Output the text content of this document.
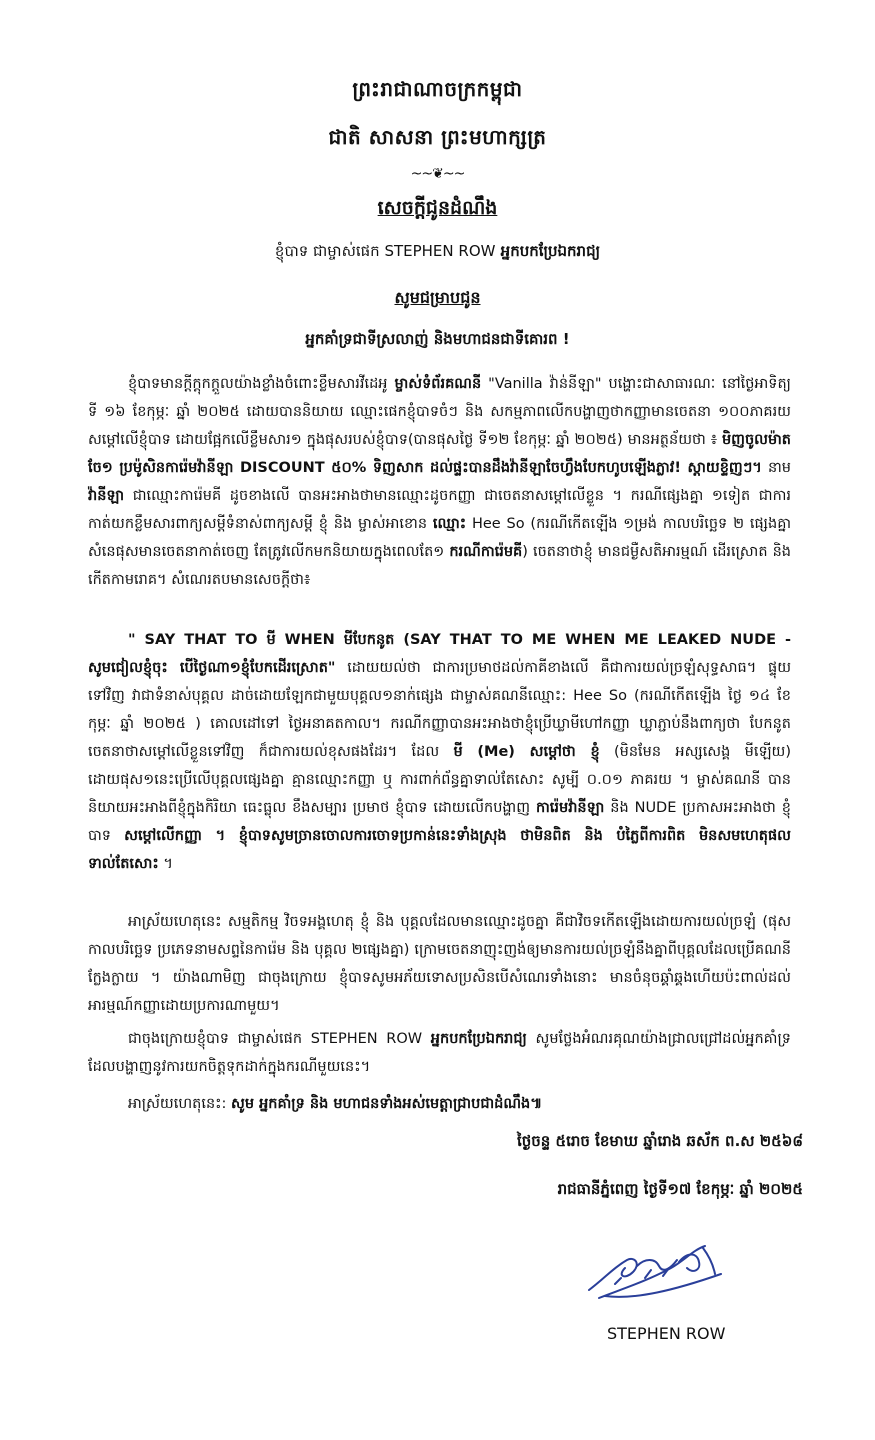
ព្រះរាជាណាចក្រកម្ពុជា
ជាតិ សាសនា ព្រះមហាក្សត្រ
~~❦~~
សេចក្តីជូនដំណឹង
ខ្ញុំបាទ ជាម្ចាស់ផេក STEPHEN ROW អ្នកបកប្រែឯករាជ្យ
សូមជម្រាបជូន
អ្នកគាំទ្រជាទីស្រលាញ់ និងមហាជនជាទីគោរព !

ខ្ញុំបាទមានក្តីក្តុកក្តួលយ៉ាងខ្លាំងចំពោះខ្លឹមសារវីដេអូ ម្ចាស់ទំព័រគណនី "Vanilla វ៉ាន់នីឡា" បង្ហោះជាសាធារណៈ នៅថ្ងៃអាទិត្យ ទី ១៦ ខែកុម្ភៈ ឆ្នាំ ២០២៥ ដោយបាននិយាយ ឈ្មោះផេកខ្ញុំបាទចំៗ និង សកម្មភាពលើកបង្ហាញថាកញ្ញាមានចេតនា ១០០ភាគរយ សម្តៅលើខ្ញុំបាទ ដោយផ្អែកលើខ្លឹមសារ១ ក្នុងផុសរបស់ខ្ញុំបាទ(បានផុសថ្ងៃ ទី១២ ខែកុម្ភៈ ឆ្នាំ ២០២៥) មានអត្ថន័យថា ៖ មិញចូលម៉ាត ចែ១ ប្រម៉ូសិនការ៉េមវ៉ានីឡា DISCOUNT ៥០% ទិញសាក ដល់ផ្ទះបានដឹងវ៉ានីឡាចែហ្វឹងបែកហូបឡើងភ្លាវ! ស្តាយខ្ទិញៗ។ នាម វ៉ានីឡា ជាឈ្មោះការ៉េមគី ដូចខាងលើ បានអះអាងថាមានឈ្មោះដូចកញ្ញា ជាចេតនាសម្តៅលើខ្លួន ។ ករណីផ្សេងគ្នា ១ទៀត ជាការកាត់យកខ្លឹមសារពាក្យសម្តីទំនាស់ពាក្យសម្តី ខ្ញុំ និង ម្ចាស់អាខោន ឈ្មោះ Hee So (ករណីកើតឡើង ១ម្រង់ កាលបរិច្ឆេទ ២ ផ្សេងគ្នា សំនេផុសមានចេតនាកាត់ចេញ តែត្រូវលើកមកនិយាយក្នុងពេលតែ១ ករណីការ៉េមគី) ចេតនាថាខ្ញុំ មានជម្ងឺសតិអារម្មណ៍ ដើរស្រោត និង កើតកាមរោគ។ សំណេរតបមានសេចក្តីថា៖

" SAY THAT TO មី WHEN មីបែកនូត (SAY THAT TO ME WHEN ME LEAKED NUDE - សូមជៀលខ្ញុំចុះ បើថ្ងៃណា១ខ្ញុំបែកដើរស្រោត" ដោយយល់ថា ជាការប្រមាថដល់កាគីខាងលើ គឺជាការយល់ច្រឡំសុទ្ធសាធ។ ផ្ទុយទៅវិញ វាជាទំនាស់បុគ្គល ដាច់ដោយឡែកជាមួយបុគ្គល១នាក់ផ្សេង ជាម្ចាស់គណនីឈ្មោះ: Hee So (ករណីកើតឡើង ថ្ងៃ ១៤ ខែកុម្ភៈ ឆ្នាំ ២០២៥ ) គោលដៅទៅ ថ្ងៃអនាគតកាល។ ករណីកញ្ញាបានអះអាងថាខ្ញុំប្រើឃ្លាមីហៅកញ្ញា ឃ្លាភ្ជាប់នឹងពាក្យថា បែកនូត ចេតនាថាសម្តៅលើខ្លួនទៅវិញ ក៏ជាការយល់ខុសផងដែរ។ ដែល មី (Me) សម្តៅថា ខ្ញុំ (មិនមែន អស្សសេង្គ មីឡើយ) ដោយផុស១នេះប្រើលើបុគ្គលផ្សេងគ្នា គ្មានឈ្មោះកញ្ញា ឬ ការពាក់ព័ន្ធគ្នាទាល់តែសោះ សូម្បី ០.០១ ភាគរយ ។ ម្ចាស់គណនី បាននិយាយអះអាងពីខ្ញុំក្នុងកិរិយា ធេះធ្លុល ខឹងសម្បារ ប្រមាថ ខ្ញុំបាទ ដោយលើកបង្ហាញ ការ៉េមវ៉ានីឡា និង NUDE ប្រកាសអះអាងថា ខ្ញុំបាទ សម្តៅលើកញ្ញា ។ ខ្ញុំបាទសូមច្រានចោលការចោទប្រកាន់នេះទាំងស្រុង ថាមិនពិត និង បំភ្លៃពីការពិត មិនសមហេតុផល ទាល់តែសោះ ។

អាស្រ័យហេតុនេះ សម្មតិកម្ម វិចទអង្គហេតុ ខ្ញុំ និង បុគ្គលដែលមានឈ្មោះដូចគ្នា គឺជាវិចទកើតឡើងដោយការយល់ច្រឡំ (ផុស កាលបរិច្ឆេទ ប្រភេទនាមសព្ទនៃការ៉េម និង បុគ្គល ២ផ្សេងគ្នា) ក្រោមចេតនាញុះញង់ឲ្យមានការយល់ច្រឡំនឹងគ្នាពីបុគ្គលដែលប្រើគណនីក្លែងក្លាយ ។ យ៉ាងណាមិញ ជាចុងក្រោយ ខ្ញុំបាទសូមអភ័យទោសប្រសិនបើសំណេរទាំងនោះ មានចំនុចឆ្គាំឆ្គងហើយប៉ះពាល់ដល់អារម្មណ៍កញ្ញាដោយប្រការណាមួយ។

ជាចុងក្រោយខ្ញុំបាទ ជាម្ចាស់ផេក STEPHEN ROW អ្នកបកប្រែឯករាជ្យ សូមថ្លែងអំណរគុណយ៉ាងជ្រាលជ្រៅដល់អ្នកគាំទ្រ ដែលបង្ហាញនូវការយកចិត្តទុកដាក់ក្នុងករណីមួយនេះ។

អាស្រ័យហេតុនេះ: សូម អ្នកគាំទ្រ និង មហាជនទាំងអស់មេត្តាជ្រាបជាដំណឹង៕

ថ្ងៃចន្ទ ៥រោច ខែមាឃ ឆ្នាំរោង ឆស័ក ព.ស ២៥៦៨
រាជធានីភ្នំពេញ ថ្ងៃទី១៧ ខែកុម្ភៈ ឆ្នាំ ២០២៥
STEPHEN ROW
